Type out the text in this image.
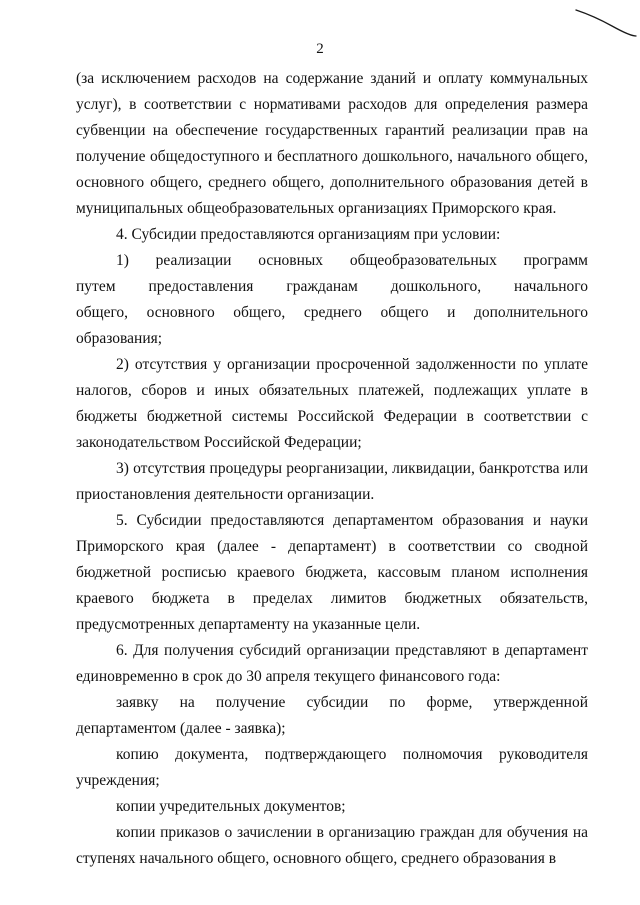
2

(за исключением расходов на содержание зданий и оплату коммунальных услуг), в соответствии с нормативами расходов для определения размера субвенции на обеспечение государственных гарантий реализации прав на получение общедоступного и бесплатного дошкольного, начального общего, основного общего, среднего общего, дополнительного образования детей в муниципальных общеобразовательных организациях Приморского края.

4. Субсидии предоставляются организациям при условии:

1) реализации основных общеобразовательных программ путем предоставления гражданам дошкольного, начального общего, основного общего, среднего общего и дополнительного образования;

2) отсутствия у организации просроченной задолженности по уплате налогов, сборов и иных обязательных платежей, подлежащих уплате в бюджеты бюджетной системы Российской Федерации в соответствии с законодательством Российской Федерации;

3) отсутствия процедуры реорганизации, ликвидации, банкротства или приостановления деятельности организации.

5. Субсидии предоставляются департаментом образования и науки Приморского края (далее - департамент) в соответствии со сводной бюджетной росписью краевого бюджета, кассовым планом исполнения краевого бюджета в пределах лимитов бюджетных обязательств, предусмотренных департаменту на указанные цели.

6. Для получения субсидий организации представляют в департамент единовременно в срок до 30 апреля текущего финансового года:

заявку на получение субсидии по форме, утвержденной департаментом (далее - заявка);

копию документа, подтверждающего полномочия руководителя учреждения;

копии учредительных документов;

копии приказов о зачислении в организацию граждан для обучения на ступенях начального общего, основного общего, среднего образования в
